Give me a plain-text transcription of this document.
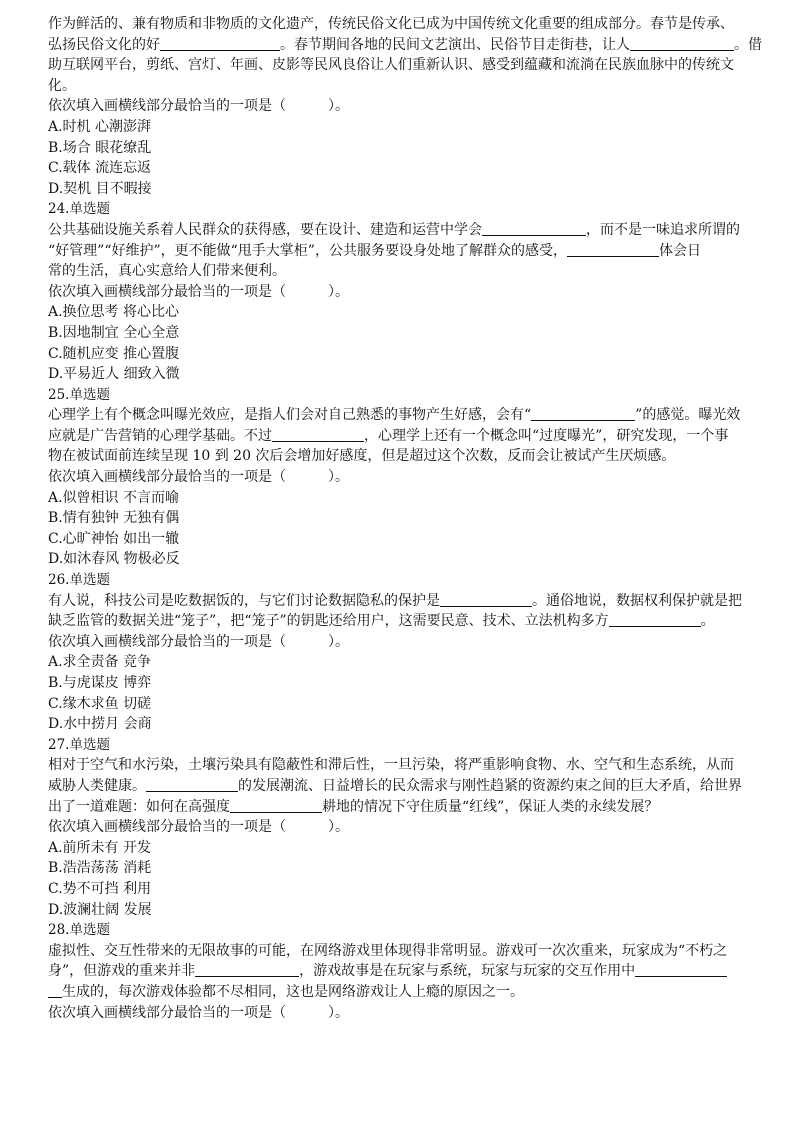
作为鲜活的、兼有物质和非物质的文化遗产，传统民俗文化已成为中国传统文化重要的组成部分。春节是传承、
弘扬民俗文化的好	。春节期间各地的民间文艺演出、民俗节目走街巷，让人	。借
助互联网平台，剪纸、宫灯、年画、皮影等民风良俗让人们重新认识、感受到蕴藏和流淌在民族血脉中的传统文
化。
依次填入画横线部分最恰当的一项是（　　　）。
A.时机 心潮澎湃
B.场合 眼花缭乱
C.载体 流连忘返
D.契机 目不暇接
24.单选题
公共基础设施关系着人民群众的获得感，要在设计、建造和运营中学会	，而不是一味追求所谓的
“好管理”“好维护”，更不能做“甩手大掌柜”，公共服务要设身处地了解群众的感受，	体会日
常的生活，真心实意给人们带来便利。
依次填入画横线部分最恰当的一项是（　　　）。
A.换位思考 将心比心
B.因地制宜 全心全意
C.随机应变 推心置腹
D.平易近人 细致入微
25.单选题
心理学上有个概念叫曝光效应，是指人们会对自己熟悉的事物产生好感，会有“	”的感觉。曝光效
应就是广告营销的心理学基础。不过	，心理学上还有一个概念叫“过度曝光”，研究发现，一个事
物在被试面前连续呈现 10 到 20 次后会增加好感度，但是超过这个次数，反而会让被试产生厌烦感。
依次填入画横线部分最恰当的一项是（　　　）。
A.似曾相识 不言而喻
B.情有独钟 无独有偶
C.心旷神怡 如出一辙
D.如沐春风 物极必反
26.单选题
有人说，科技公司是吃数据饭的，与它们讨论数据隐私的保护是	。通俗地说，数据权利保护就是把
缺乏监管的数据关进“笼子”，把“笼子”的钥匙还给用户，这需要民意、技术、立法机构多方	。
依次填入画横线部分最恰当的一项是（　　　）。
A.求全责备 竞争
B.与虎谋皮 博弈
C.缘木求鱼 切磋
D.水中捞月 会商
27.单选题
相对于空气和水污染，土壤污染具有隐蔽性和滞后性，一旦污染，将严重影响食物、水、空气和生态系统，从而
威胁人类健康。	的发展潮流、日益增长的民众需求与刚性趋紧的资源约束之间的巨大矛盾，给世界
出了一道难题：如何在高强度	耕地的情况下守住质量“红线”，保证人类的永续发展？
依次填入画横线部分最恰当的一项是（　　　）。
A.前所未有 开发
B.浩浩荡荡 消耗
C.势不可挡 利用
D.波澜壮阔 发展
28.单选题
虚拟性、交互性带来的无限故事的可能，在网络游戏里体现得非常明显。游戏可一次次重来，玩家成为“不朽之
身”，但游戏的重来并非	，游戏故事是在玩家与系统，玩家与玩家的交互作用中
生成的，每次游戏体验都不尽相同，这也是网络游戏让人上瘾的原因之一。
依次填入画横线部分最恰当的一项是（　　　）。
